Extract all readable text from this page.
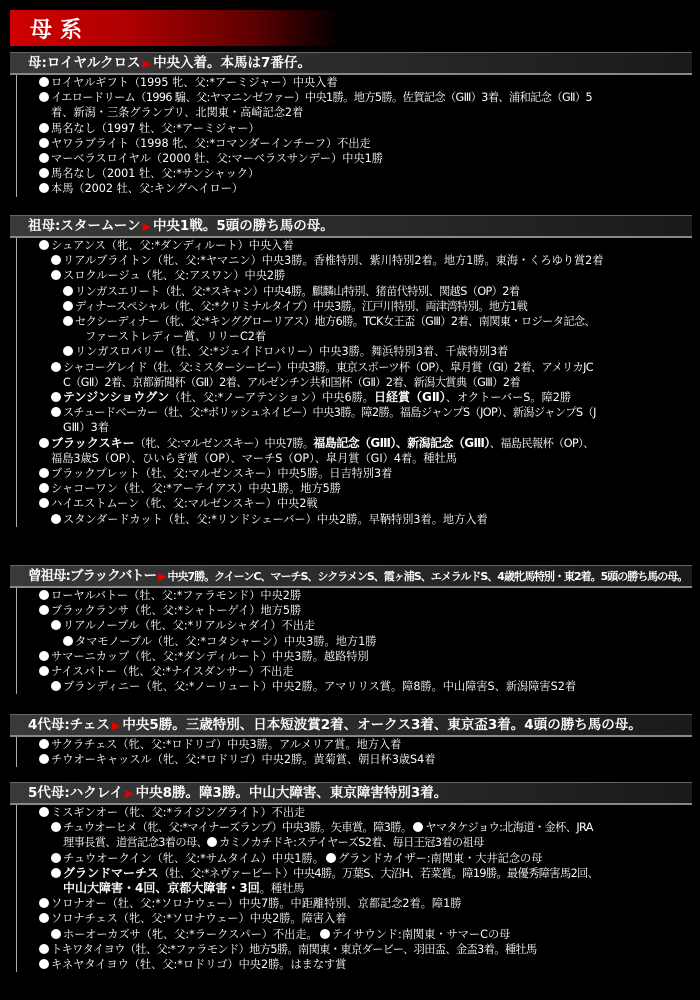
母系
母:ロイヤルクロス ▶ 中央入着。本馬は7番仔。
ロイヤルギフト（1995 牝、父:*アーミジャー）中央入着
イエロードリーム（1996 騸、父:ヤマニンゼファー）中央1勝。地方5勝。佐賀記念（GⅢ）3着、浦和記念（GⅡ）5
着、新潟・三条グランプリ、北関東・高崎記念2着
馬名なし（1997 牡、父:*アーミジャー）
ヤワラブライト（1998 牝、父:*コマンダーインチーフ）不出走
マーベラスロイヤル（2000 牡、父:マーベラスサンデー）中央1勝
馬名なし（2001 牡、父:*サンシャック）
本馬（2002 牡、父:キングヘイロー）
祖母:スタームーン ▶ 中央1戦。5頭の勝ち馬の母。
シュアンス（牝、父:*ダンディルート）中央入着
リアルブライトン（牝、父:*ヤマニン）中央3勝。香椎特別、紫川特別2着。地方1勝。東海・くろゆり賞2着
スロクルージュ（牝、父:アスワン）中央2勝
リンガスエリート（牡、父:*スキャン）中央4勝。麒麟山特別、猪苗代特別、関越S（OP）2着
ディナースペシャル（牝、父:*クリミナルタイプ）中央3勝。江戸川特別、両津湾特別。地方1戦
セクシーディナー（牝、父:*キンググローリアス）地方6勝。TCK女王盃（GⅢ）2着、南関東・ロジータ記念、
ファーストレディー賞、リリーC2着
リンガスロバリー（牡、父:*ジェイドロバリー）中央3勝。舞浜特別3着、千歳特別3着
シャコーグレイド（牡、父:ミスターシービー）中央3勝。東京スポーツ杯（OP）、皐月賞（GⅠ）2着、アメリカJC
C（GⅡ）2着、京都新聞杯（GⅡ）2着、アルゼンチン共和国杯（GⅡ）2着、新潟大賞典（GⅢ）2着
テンジンショウグン（牡、父:*ノーアテンション）中央6勝。日経賞（GⅡ）、オクトーバーS。障2勝
スチュードベーカー（牡、父:*ポリッシュネイビー）中央3勝。障2勝。福島ジャンプS（JOP）、新潟ジャンプS（J
GⅢ）3着
ブラックスキー（牝、父:マルゼンスキー）中央7勝。福島記念（GⅢ）、新潟記念（GⅢ）、福島民報杯（OP）、
福島3歳S（OP）、ひいらぎ賞（OP）、マーチS（OP）、皐月賞（GⅠ）4着。種牡馬
ブラックプレット（牡、父:マルゼンスキー）中央5勝。日吉特別3着
シャコーワン（牡、父:*アーテイアス）中央1勝。地方5勝
ハイエストムーン（牝、父:マルゼンスキー）中央2戦
スタンダードカット（牡、父:*リンドシェーバー）中央2勝。早鞆特別3着。地方入着
曾祖母:ブラックバトー ▶ 中央7勝。クイーンC、マーチS、シクラメンS、霞ヶ浦S、エメラルドS、4歳牝馬特別・東2着。5頭の勝ち馬の母。
ローヤルバトー（牡、父:*ファラモンド）中央2勝
ブラックランサ（牝、父:*シャトーゲイ）地方5勝
リアルノーブル（牝、父:*リアルシャダイ）不出走
タマモノーブル（牝、父:*コタシャーン）中央3勝。地方1勝
サマーニカップ（牝、父:*ダンディルート）中央3勝。越路特別
ナイスバトー（牝、父:*ナイスダンサー）不出走
ブランディニー（牝、父:*ノーリュート）中央2勝。アマリリス賞。障8勝。中山障害S、新潟障害S2着
4代母:チェス ▶ 中央5勝。三歳特別、日本短波賞2着、オークス3着、東京盃3着。4頭の勝ち馬の母。
サクラチェス（牝、父:*ロドリゴ）中央3勝。アルメリア賞。地方入着
チウオーキャッスル（牝、父:*ロドリゴ）中央2勝。黄菊賞、朝日杯3歳S4着
5代母:ハクレイ ▶ 中央8勝。障3勝。中山大障害、東京障害特別3着。
ミスギンオー（牝、父:*ライジングライト）不出走
チュウオーヒメ（牝、父:*マイナーズランプ）中央3勝。矢車賞。障3勝。 ヤマタケジョウ:北海道・金杯、JRA
理事長賞、道営記念3着の母、 カミノカチドキ:ステイヤーズS2着、毎日王冠3着の祖母
チュウオークイン（牝、父:*サムタイム）中央1勝。 グランドカイザー:南関東・大井記念の母
グランドマーチス（牡、父:*ネヴァービート）中央4勝。万葉S、大沼H、若菜賞。障19勝。最優秀障害馬2回、
中山大障害・4回、京都大障害・3回。種牡馬
ソロナオー（牡、父:*ソロナウェー）中央7勝。中距離特別、京都記念2着。障1勝
ソロナチェス（牝、父:*ソロナウェー）中央2勝。障害入着
ホーオーカズサ（牝、父:*ラークスパー）不出走。 テイサウンド:南関東・サマーCの母
トキワタイヨウ（牡、父:*ファラモンド）地方5勝。南関東・東京ダービー、羽田盃、金盃3着。種牡馬
キネヤタイヨウ（牡、父:*ロドリゴ）中央2勝。はまなす賞
